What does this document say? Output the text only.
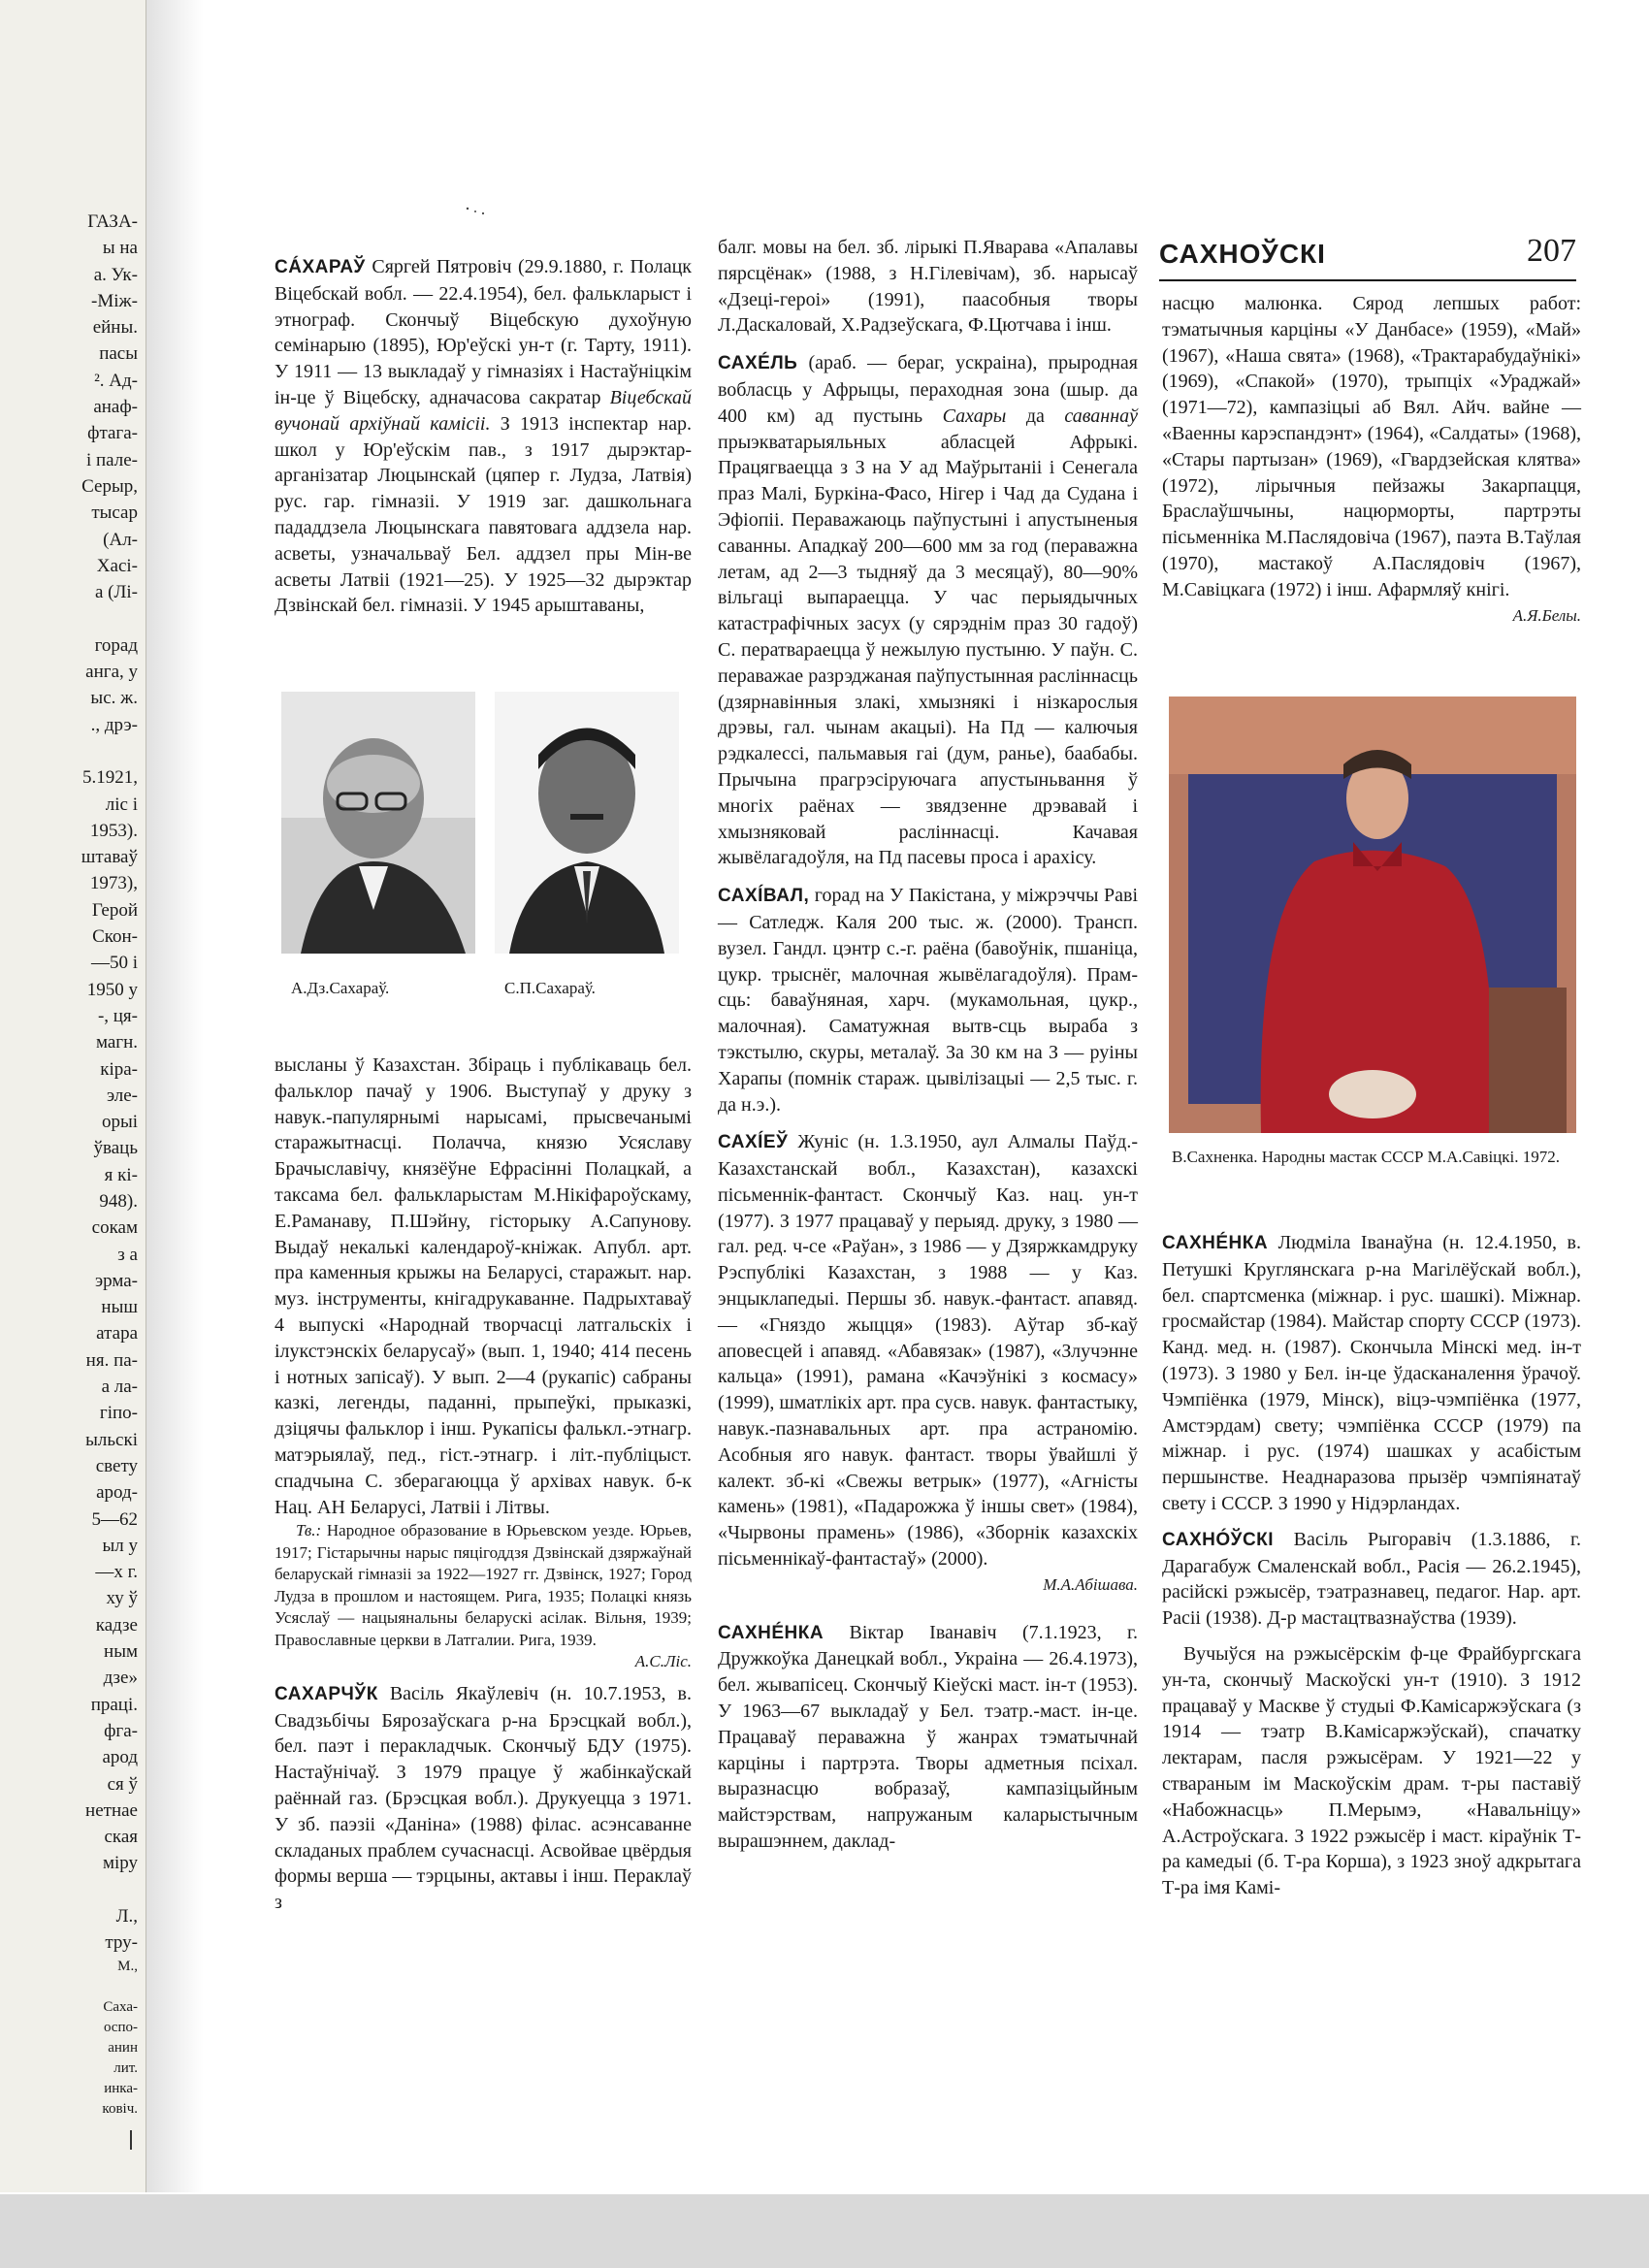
ГАЗА-
ы на
а. Ук-
-Між-
ейны.
пасы
². Ад-
анаф-
фтага-
і пале-
Серыр,
тысар
(Ал-
Хасі-
а (Лі-

горад
анга, у
ыс. ж.
., дрэ-

5.1921,
ліс і
1953).
штаваў
1973),
Герой
Скон-
—50 і
1950 у
-, ця-
магн.
кіра-
элe-
орыі
ўваць
я кі-
948).
сокам
з а
эрма-
ныш
атара
ня. па-
а ла-
гіпо-
ыльскі
свету
арод-
5—62
ыл у
—х г.
ху ў
кадзе
ным
дзе»
праці.
фга-
арод
ся ў
нетнае
ская
міру

Л.,
тру-
М.,

Саха-
оспо-
анин
лит.
инка-
ковіч.
САХНОЎСКІ	207

СÁХАРАЎ Сяргей Пятровіч (29.9.1880, г. Полацк Віцебскай вобл. — 22.4.1954), бел. фалькларыст і этнограф. Скончыў Віцебскую духоўную семінарыю (1895), Юр'еўскі ун-т (г. Тарту, 1911). У 1911 — 13 выкладаў у гімназіях і Настаўніцкім ін-це ў Віцебску, адначасова сакратар Віцебскай вучонай архіўнай камісіі. З 1913 інспектар нар. школ у Юр'еўскім пав., з 1917 дырэктар-арганізатар Люцынскай (цяпер г. Лудза, Латвія) рус. гар. гімназіі. У 1919 заг. дашкольнага пададдзела Люцынскага павятовага аддзела нар. асветы, узначальваў Бел. аддзел пры Мін-ве асветы Латвіі (1921—25). У 1925—32 дырэктар Дзвінскай бел. гімназіі. У 1945 арыштаваны,

А.Дз.Сахараў.	С.П.Сахараў.

высланы ў Казахстан. Збіраць і публікаваць бел. фальклор пачаў у 1906. Выступаў у друку з навук.-папулярнымі нарысамі, прысвечанымі старажытнасці. Полачча, князю Усяславу Брачыславічу, князёўне Ефрасінні Полацкай, а таксама бел. фалькларыстам М.Нікіфароўскаму, Е.Раманаву, П.Шэйну, гісторыку А.Сапунову. Выдаў некалькі календароў-кніжак. Апубл. арт. пра каменныя крыжы на Беларусі, старажыт. нар. муз. інструменты, кнігадрукаванне. Падрыхтаваў 4 выпускі «Народнай творчасці латгальскіх і ілукстэнскіх беларусаў» (вып. 1, 1940; 414 песень і нотных запісаў). У вып. 2—4 (рукапіс) сабраны казкі, легенды, паданні, прыпеўкі, прыказкі, дзіцячы фальклор і інш. Рукапісы фалькл.-этнагр. матэрыялаў, пед., гіст.-этнагр. і літ.-публіцыст. спадчына С. зберагаюцца ў архівах навук. б-к Нац. АН Беларусі, Латвіі і Літвы.

Тв.: Народное образование в Юрьевском уезде. Юрьев, 1917; Гістарычны нарыс пяцігоддзя Дзвінскай дзяржаўнай беларускай гімназіі за 1922—1927 гг. Дзвінск, 1927; Город Лудза в прошлом и настоящем. Рига, 1935; Полацкі князь Усяслаў — нацыянальны беларускі асілак. Вільня, 1939; Православные церкви в Латгалии. Рига, 1939.
А.С.Ліс.

САХАРЧЎК Васіль Якаўлевіч (н. 10.7.1953, в. Свадзьбічы Бярозаўскага р-на Брэсцкай вобл.), бел. паэт і перакладчык. Скончыў БДУ (1975). Настаўнічаў. З 1979 працуе ў жабінкаўскай раённай газ. (Брэсцкая вобл.). Друкуецца з 1971. У зб. паэзіі «Даніна» (1988) філас. асэнсаванне складаных праблем сучаснасці. Асвойвае цвёрдыя формы верша — тэрцыны, актавы і інш. Пераклаў з

балг. мовы на бел. зб. лірыкі П.Яварава «Апалавы пярсцёнак» (1988, з Н.Гілевічам), зб. нарысаў «Дзеці-героі» (1991), паасобныя творы Л.Даскаловай, Х.Радзеўскага, Ф.Цютчава і інш.

САХÉЛЬ (араб. — бераг, ускраіна), прыродная вобласць у Афрыцы, пераходная зона (шыр. да 400 км) ад пустынь Сахары да саваннаў прыэкватарыяльных абласцей Афрыкі. Працягваецца з З на У ад Маўрытаніі і Сенегала праз Малі, Буркіна-Фасо, Нігер і Чад да Судана і Эфіопіі. Пераважаюць паўпустыні і апустыненыя саванны. Ападкаў 200—600 мм за год (пераважна летам, ад 2—3 тыдняў да 3 месяцаў), 80—90% вільгаці выпараецца. У час перыядычных катастрафічных засух (у сярэднім праз 30 гадоў) С. ператвараецца ў нежылую пустыню. У паўн. С. пераважае разрэджаная паўпустынная расліннасць (дзярнавінныя злакі, хмызнякі і нізкарослыя дрэвы, гал. чынам акацыі). На Пд — калючыя рэдкалессі, пальмавыя гаі (дум, раньe), баабабы. Прычына прагрэсіруючага апустыньвання ў многіх раёнах — звядзенне дрэвавай і хмызняковай расліннасці. Качавая жывёлагадоўля, на Пд пасевы проса і арахісу.

САХÍВАЛ, горад на У Пакістана, у міжрэччы Раві — Сатледж. Каля 200 тыс. ж. (2000). Трансп. вузел. Гандл. цэнтр с.-г. раёна (бавоўнік, пшаніца, цукр. трыснёг, малочная жывёлагадоўля). Прам-сць: баваўняная, харч. (мукамольная, цукр., малочная). Саматужная вытв-сць выраба з тэкстылю, скуры, металаў. За 30 км на З — руіны Харапы (помнік стараж. цывілізацыі — 2,5 тыс. г. да н.э.).

САХÍЕЎ Жуніс (н. 1.3.1950, аул Алмалы Паўд.-Казахстанскай вобл., Казахстан), казахскі пісьменнік-фантаст. Скончыў Каз. нац. ун-т (1977). З 1977 працаваў у перыяд. друку, з 1980 — гал. ред. ч-се «Раўан», з 1986 — у Дзяржкамдруку Рэспублікі Казахстан, з 1988 — у Каз. энцыклапедыі. Першы зб. навук.-фантаст. апавяд. — «Гняздо жыцця» (1983). Аўтар зб-каў аповесцей і апавяд. «Абавязак» (1987), «Злучэнне кальца» (1991), рамана «Качэўнікі з космасу» (1999), шматлікіх арт. пра сусв. навук. фантастыку, навук.-пазнавальных арт. пра астраномію. Асобныя яго навук. фантаст. творы ўвайшлі ў калект. зб-кі «Свежы ветрык» (1977), «Агністы камень» (1981), «Падарожжа ў іншы свет» (1984), «Чырвоны прамень» (1986), «Зборнік казахскіх пісьменнікаў-фантастаў» (2000).
М.А.Абішава.

САХНÉНКА Віктар Іванавіч (7.1.1923, г. Дружкоўка Данецкай вобл., Украіна — 26.4.1973), бел. жывапісец. Скончыў Кіеўскі маст. ін-т (1953). У 1963—67 выкладаў у Бел. тэатр.-маст. ін-це. Працаваў пераважна ў жанрах тэматычнай карціны і партрэта. Творы адметныя псіхал. выразнасцю вобразаў, кампазіцыйным майстэрствам, напружаным каларыстычным вырашэннем, даклад-

насцю малюнка. Сярод лепшых работ: тэматычныя карціны «У Данбасе» (1959), «Май» (1967), «Наша свята» (1968), «Трактарабудаўнікі» (1969), «Спакой» (1970), трыпціх «Ураджай» (1971—72), кампазіцыі аб Вял. Айч. вайне — «Ваенны карэспандэнт» (1964), «Салдаты» (1968), «Стары партызан» (1969), «Гвардзейская клятва» (1972), лірычныя пейзажы Закарпацця, Браслаўшчыны, нацюрморты, партрэты пісьменніка М.Паслядовіча (1967), паэта В.Таўлая (1970), мастакоў А.Паслядовіч (1967), М.Савіцкага (1972) і інш. Афармляў кнігі.

А.Я.Белы.
В.Сахненка. Народны мастак СССР М.А.Савіцкі. 1972.

САХНÉНКА Людміла Іванаўна (н. 12.4.1950, в. Петушкі Круглянскага р-на Магілёўскай вобл.), бел. спартсменка (міжнар. і рус. шашкі). Міжнар. гросмайстар (1984). Майстар спорту СССР (1973). Канд. мед. н. (1987). Скончыла Мінскі мед. ін-т (1973). З 1980 у Бел. ін-це ўдасканалення ўрачоў. Чэмпіёнка (1979, Мінск), віцэ-чэмпіёнка (1977, Амстэрдам) свету; чэмпіёнка СССР (1979) па міжнар. і рус. (1974) шашках у асабістым першынстве. Неаднаразова прызёр чэмпіянатаў свету і СССР. З 1990 у Нідэрландах.

САХНÓЎСКІ Васіль Рыгоравіч (1.3.1886, г. Дарагабуж Смаленскай вобл., Расія — 26.2.1945), расійскі рэжысёр, тэатразнавец, педагог. Нар. арт. Расіі (1938). Д-р мастацтвазнаўства (1939).

Вучыўся на рэжысёрскім ф-це Фрайбургскага ун-та, скончыў Маскоўскі ун-т (1910). З 1912 працаваў у Маскве ў студыі Ф.Камісаржэўскага (з 1914 — тэатр В.Камісаржэўскай), спачатку лектарам, пасля рэжысёрам. У 1921—22 у ствараным ім Маскоўскім драм. т-ры паставіў «Набожнасць» П.Мерымэ, «Навальніцу» А.Астроўскага. З 1922 рэжысёр і маст. кіраўнік Т-ра камедыі (б. Т-ра Корша), з 1923 зноў адкрытага Т-ра імя Камі-
